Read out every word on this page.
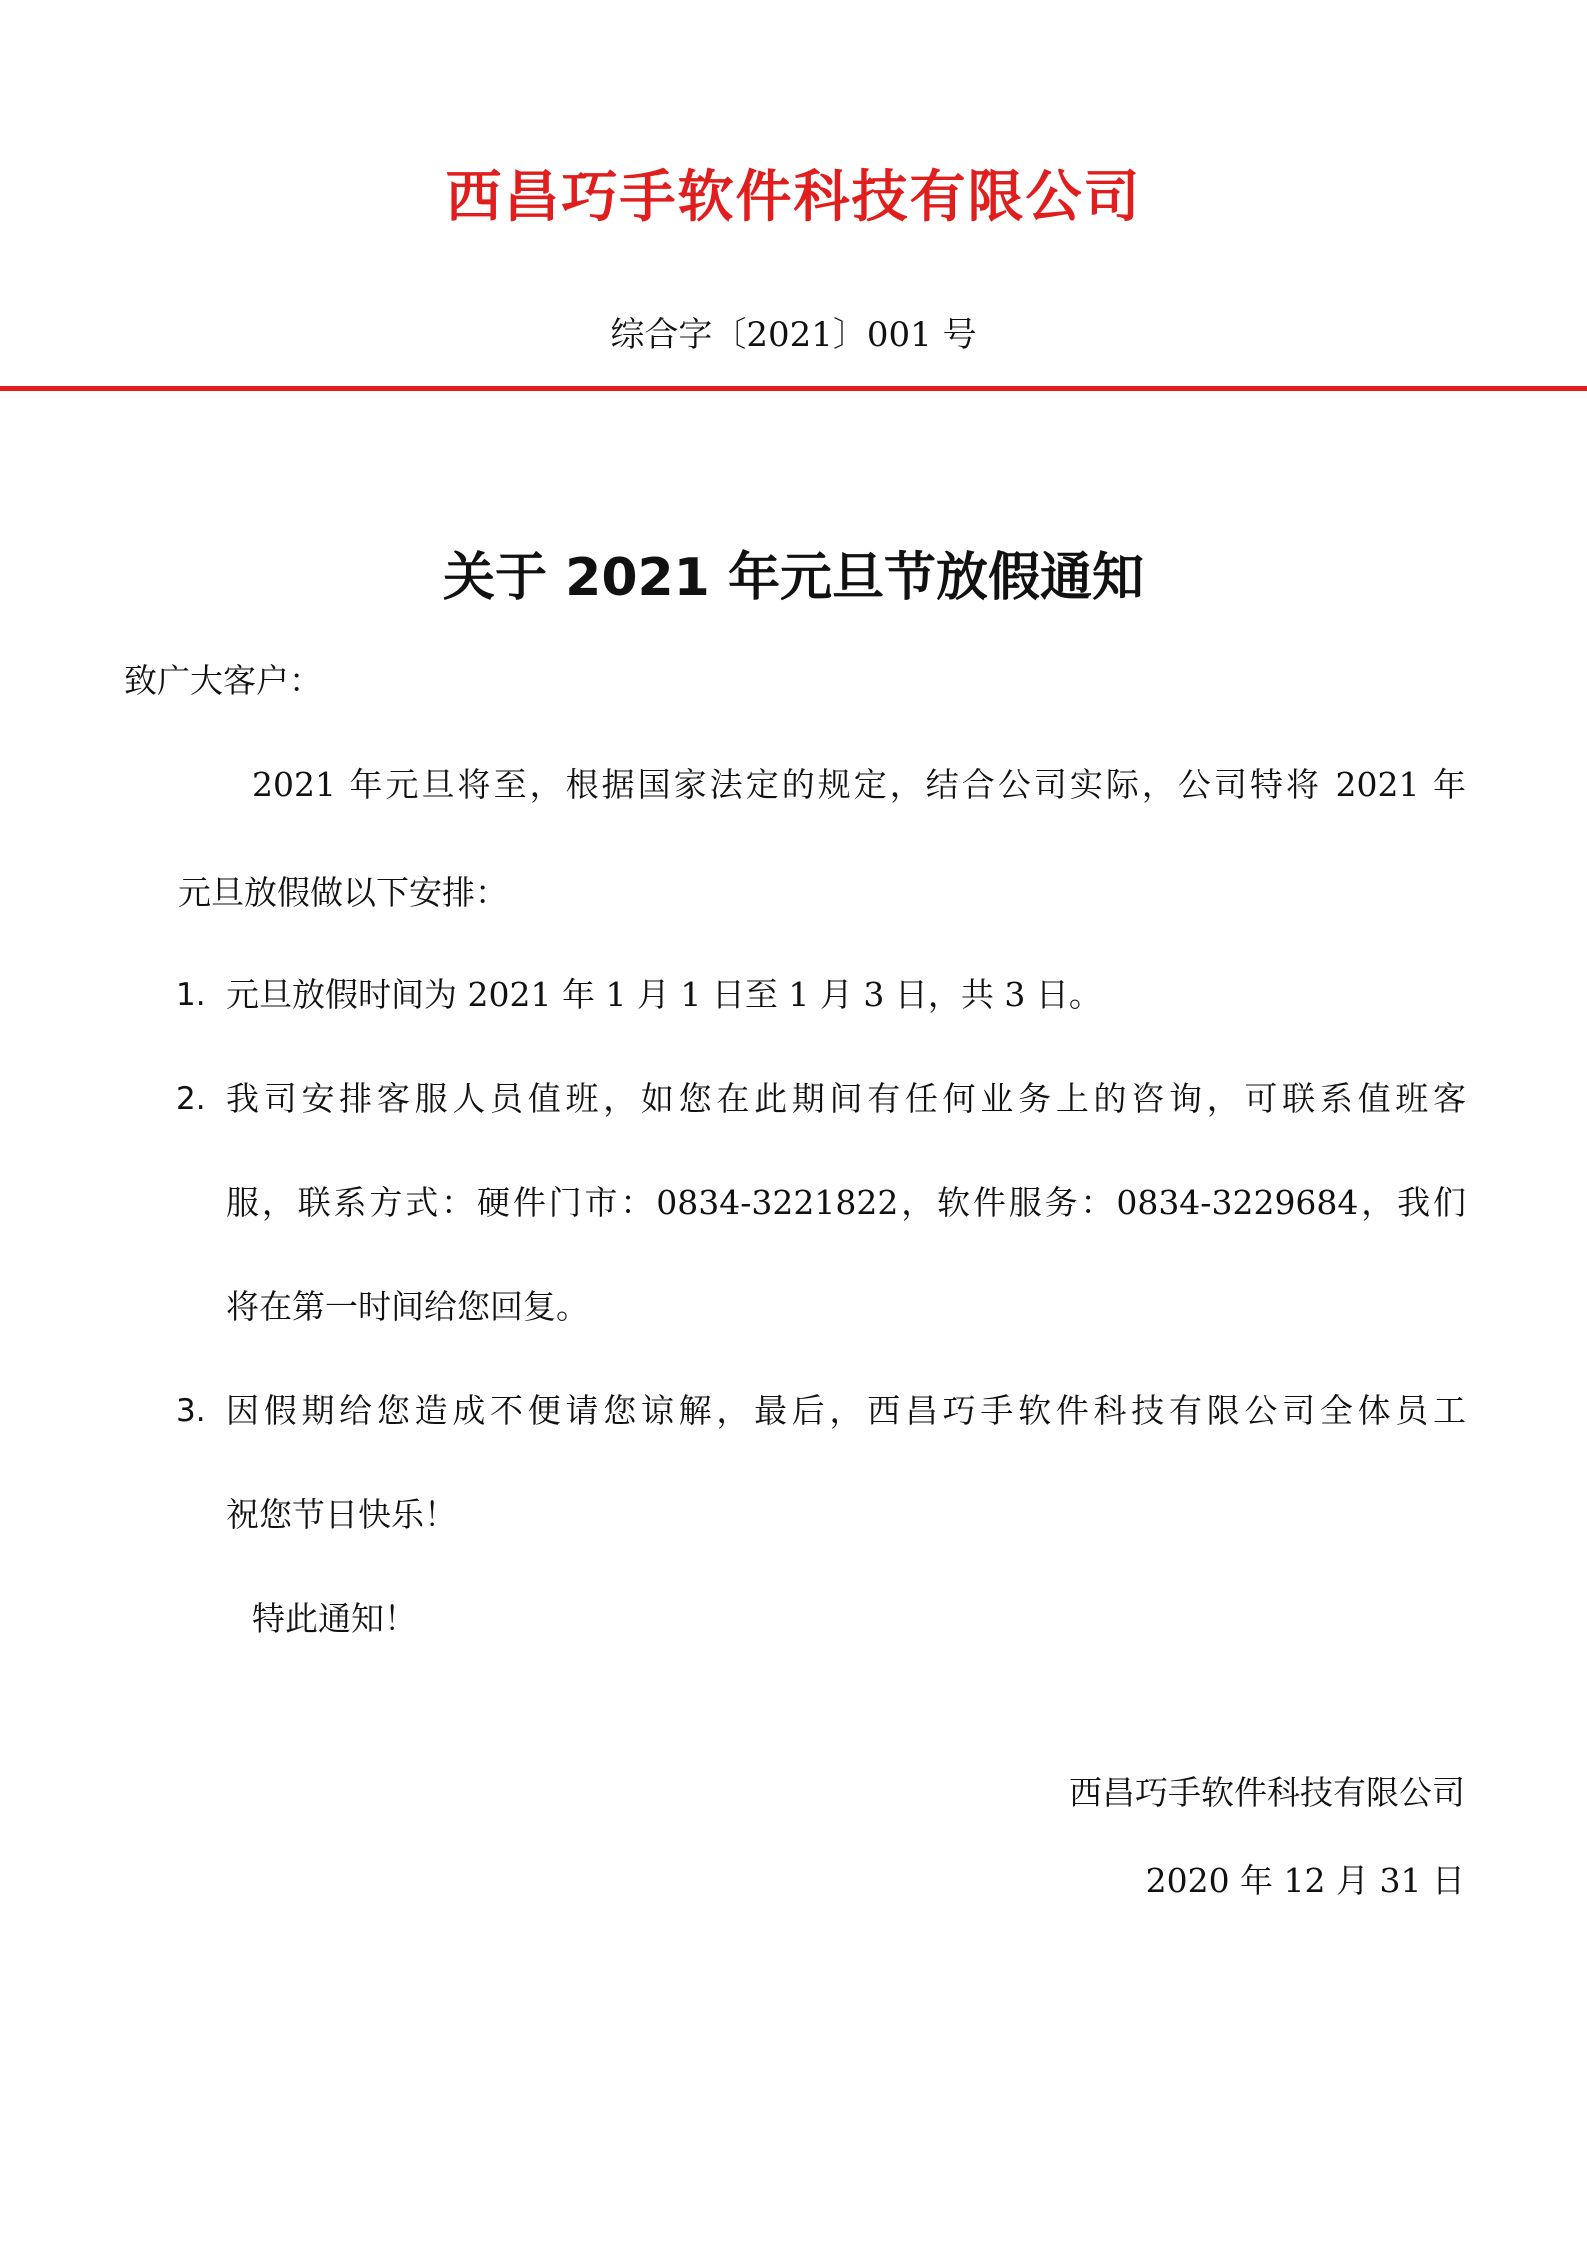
西昌巧手软件科技有限公司
综合字〔2021〕001 号
关于 2021 年元旦节放假通知
致广大客户：
2021 年元旦将至，根据国家法定的规定，结合公司实际，公司特将 2021 年
元旦放假做以下安排：
1. 元旦放假时间为 2021 年 1 月 1 日至 1 月 3 日，共 3 日。
2. 我司安排客服人员值班，如您在此期间有任何业务上的咨询，可联系值班客
服，联系方式：硬件门市：0834-3221822，软件服务：0834-3229684，我们
将在第一时间给您回复。
3. 因假期给您造成不便请您谅解，最后，西昌巧手软件科技有限公司全体员工
祝您节日快乐！
特此通知！
西昌巧手软件科技有限公司
2020 年 12 月 31 日
